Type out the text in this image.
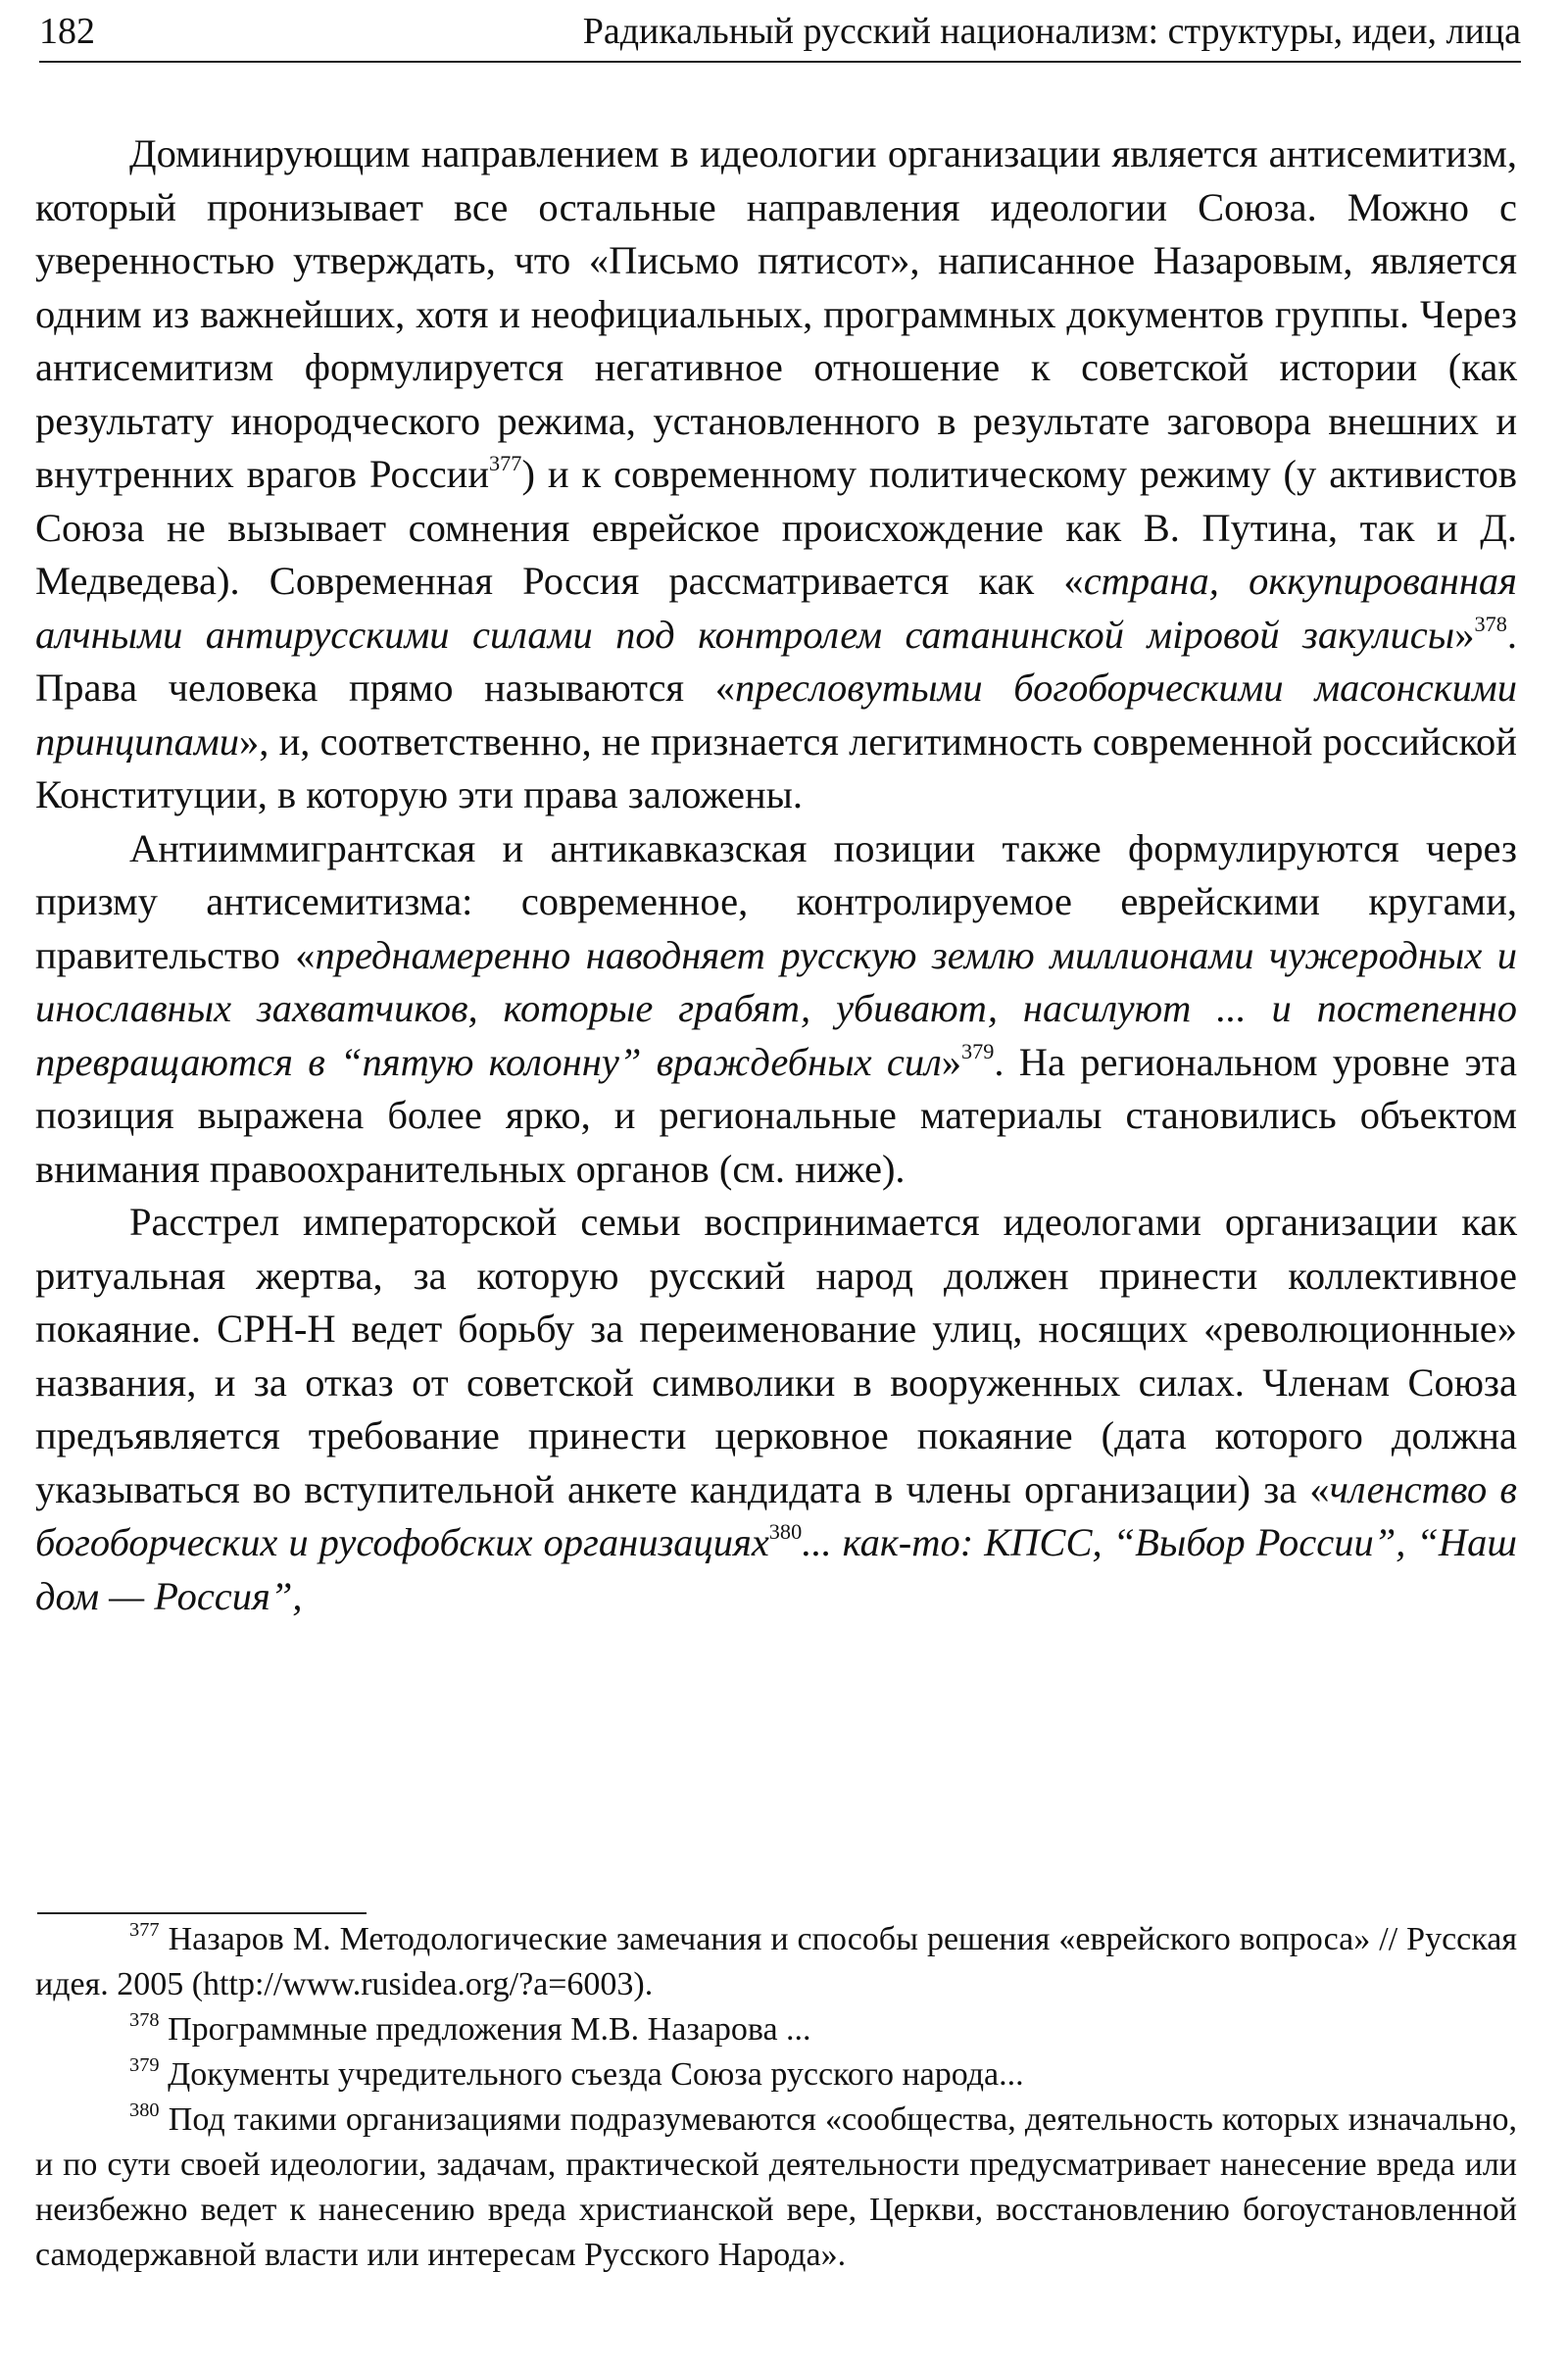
182	Радикальный русский национализм: структуры, идеи, лица

Доминирующим направлением в идеологии организации является антисемитизм, который пронизывает все остальные направления идеологии Союза. Можно с уверенностью утверждать, что «Письмо пятисот», написанное Назаровым, является одним из важнейших, хотя и неофициальных, программных документов группы. Через антисемитизм формулируется негативное отношение к советской истории (как результату инородческого режима, установленного в результате заговора внешних и внутренних врагов России$^{377}$) и к современному политическому режиму (у активистов Союза не вызывает сомнения еврейское происхождение как В. Путина, так и Д. Медведева). Современная Россия рассматривается как «страна, оккупированная алчными антирусскими силами под контролем сатанинской мiровой закулисы»$^{378}$. Права человека прямо называются «пресловутыми богоборческими масонскими принципами», и, соответственно, не признается легитимность современной российской Конституции, в которую эти права заложены.

Антииммигрантская и антикавказская позиции также формулируются через призму антисемитизма: современное, контролируемое еврейскими кругами, правительство «преднамеренно наводняет русскую землю миллионами чужеродных и инославных захватчиков, которые грабят, убивают, насилуют ... и постепенно превращаются в “пятую колонну” враждебных сил»$^{379}$. На региональном уровне эта позиция выражена более ярко, и региональные материалы становились объектом внимания правоохранительных органов (см. ниже).

Расстрел императорской семьи воспринимается идеологами организации как ритуальная жертва, за которую русский народ должен принести коллективное покаяние. СРН-Н ведет борьбу за переименование улиц, носящих «революционные» названия, и за отказ от советской символики в вооруженных силах. Членам Союза предъявляется требование принести церковное покаяние (дата которого должна указываться во вступительной анкете кандидата в члены организации) за «членство в богоборческих и русофобских организациях$^{380}$... как-то: КПСС, “Выбор России”, “Наш дом — Россия”,

$^{377}$ Назаров М. Методологические замечания и способы решения «еврейского вопроса» // Русская идея. 2005 (http://www.rusidea.org/?a=6003).

$^{378}$ Программные предложения М.В. Назарова ...

$^{379}$ Документы учредительного съезда Союза русского народа...

$^{380}$ Под такими организациями подразумеваются «сообщества, деятельность которых изначально, и по сути своей идеологии, задачам, практической деятельности предусматривает нанесение вреда или неизбежно ведет к нанесению вреда христианской вере, Церкви, восстановлению богоустановленной самодержавной власти или интересам Русского Народа».
